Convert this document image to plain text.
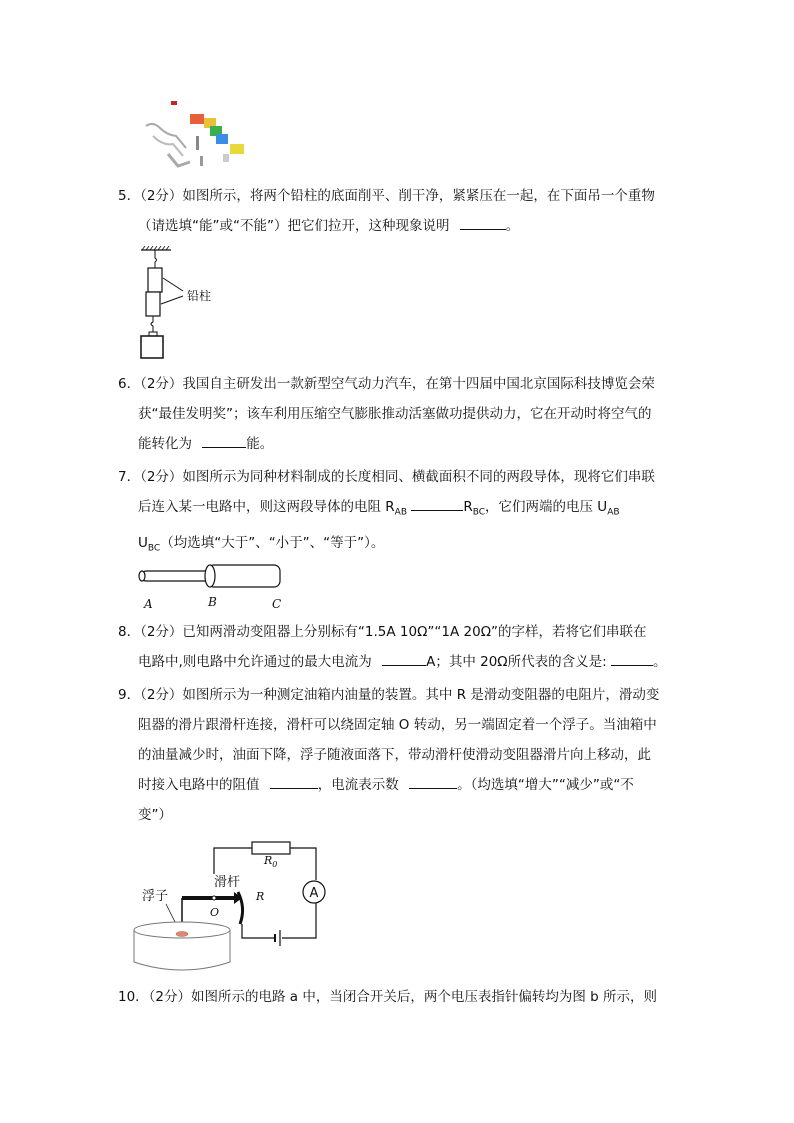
5．（2分）如图所示，将两个铅柱的底面削平、削干净，紧紧压在一起，在下面吊一个重物
（请选填“能”或“不能”）把它们拉开，这种现象说明	。
铅柱
6．（2分）我国自主研发出一款新型空气动力汽车，在第十四届中国北京国际科技博览会荣
获“最佳发明奖”；该车利用压缩空气膨胀推动活塞做功提供动力，它在开动时将空气的
能转化为	能。
7．（2分）如图所示为同种材料制成的长度相同、横截面积不同的两段导体，现将它们串联
后连入某一电路中，则这两段导体的电阻 $R_{AB}$	$R_{BC}$，它们两端的电压 $U_{AB}$
$U_{BC}$（均选填“大于”、“小于”、“等于”）。
A	B	C
8．（2分）已知两滑动变阻器上分别标有“1.5A 10Ω”“1A 20Ω”的字样，若将它们串联在
电路中,则电路中允许通过的最大电流为	A；其中 20Ω所代表的含义是:	。
9．（2分）如图所示为一种测定油箱内油量的装置。其中 R 是滑动变阻器的电阻片，滑动变
阻器的滑片跟滑杆连接，滑杆可以绕固定轴 O 转动，另一端固定着一个浮子。当油箱中
的油量减少时，油面下降，浮子随液面落下，带动滑杆使滑动变阻器滑片向上移动，此
时接入电路中的阻值	，电流表示数	。（均选填“增大”“减少”或“不
变”）
A
$R_0$
R
O
滑杆
浮子
10．（2分）如图所示的电路 a 中，当闭合开关后，两个电压表指针偏转均为图 b 所示，则
